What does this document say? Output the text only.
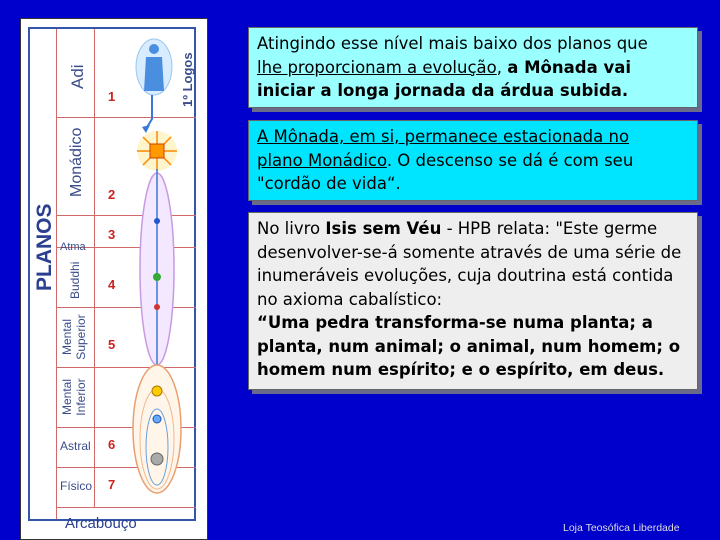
PLANOS
Adi	1º Logos
1
Monádico 2
Atma
3
Buddhi 4
Mental Superior 5
Mental Inferior
Astral 6
Físico 7
Arcabouço
Atingindo esse nível mais baixo dos planos que
lhe proporcionam a evolução, a Mônada vai
iniciar a longa jornada da árdua subida.
A Mônada, em si, permanece estacionada no
plano Monádico. O descenso se dá é com seu
"cordão de vida“.
No livro Isis sem Véu - HPB relata: "Este germe desenvolver-se-á somente através de uma série de inumeráveis evoluções, cuja doutrina está contida no axioma cabalístico:
“Uma pedra transforma-se numa planta; a planta, num animal; o animal, num homem; o homem num espírito; e o espírito, em deus.
Loja Teosófica Liberdade
